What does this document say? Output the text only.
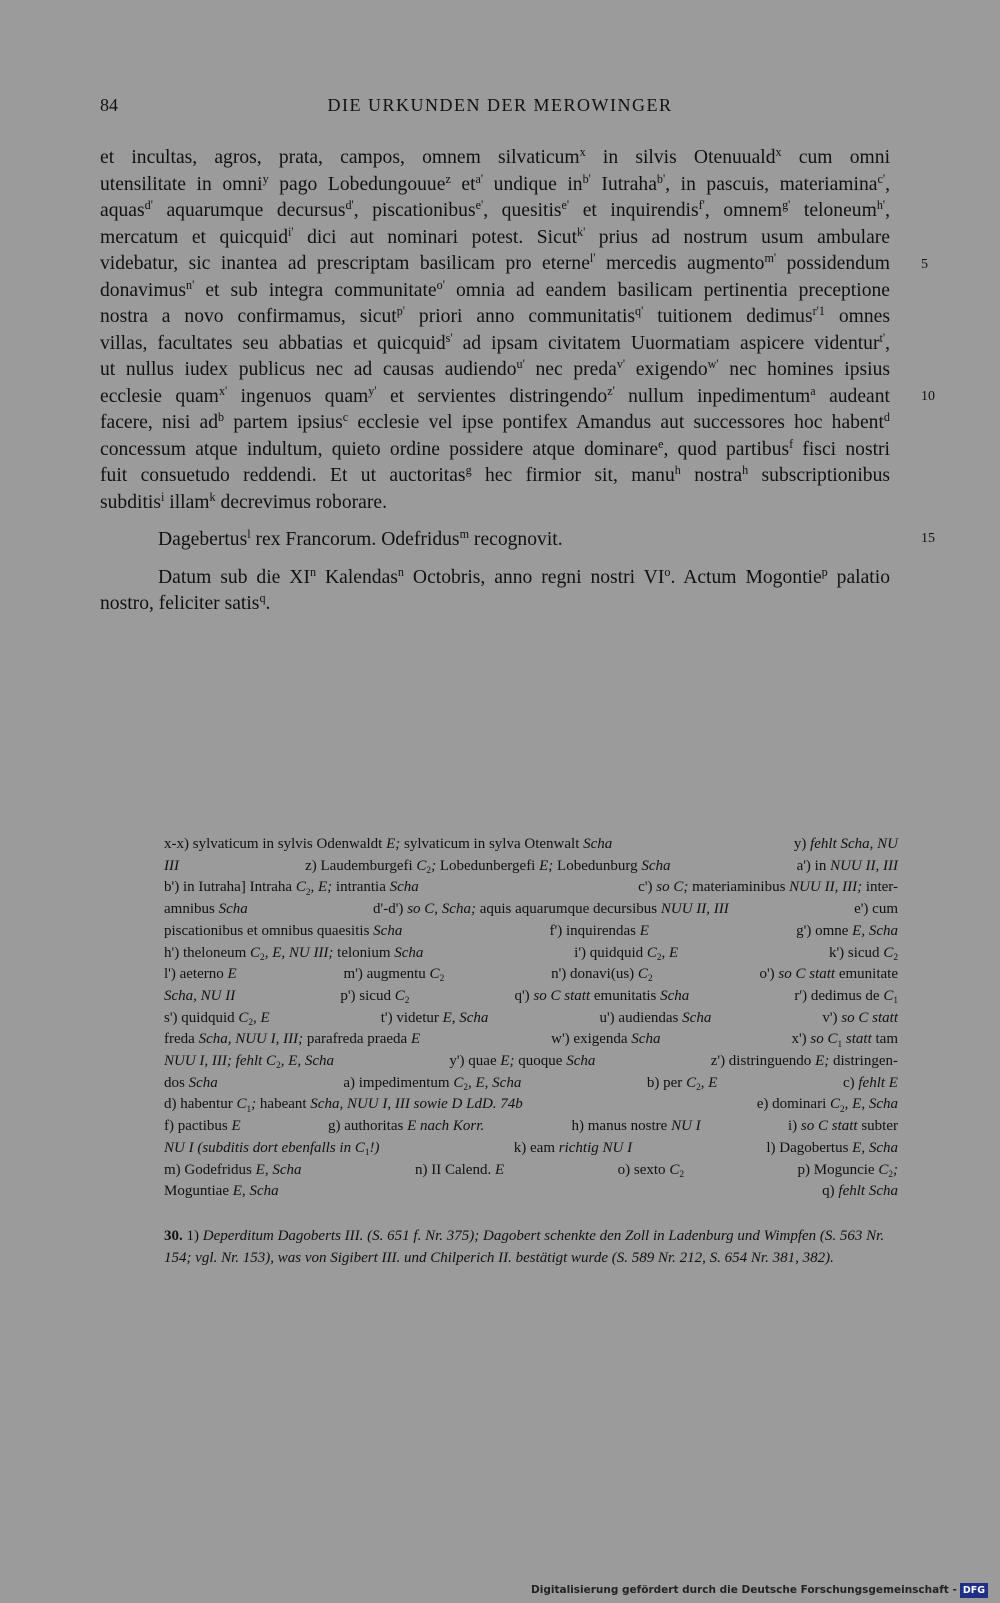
84	DIE URKUNDEN DER MEROWINGER
et incultas, agros, prata, campos, omnem silvaticum$^x$ in silvis Otenuuald$^x$ cum omni
utensilitate in omni$^y$ pago Lobedungouue$^z$ $et^{a'}$ undique $in^{b'}$ Iutraha$^{b'}$, in pascuis, materiamina$^{c'}$,
aquas$^{d'}$ aquarumque decursus$^{d'}$, piscationibus$^{e'}$, quesitis$^{e'}$ et inquirendis$^{f'}$, omnem$^{g'}$ teloneum$^{h'}$,
mercatum et quicquid$^{i'}$ dici aut nominari potest. Sicut$^{k'}$ prius ad nostrum usum ambulare
videbatur, sic inantea ad prescriptam basilicam pro eterne$^{l'}$ mercedis augmento$^{m'}$ possidendum
donavimus$^{n'}$ et sub integra communitate$^{o'}$ omnia ad eandem basilicam pertinentia preceptione
nostra a novo confirmamus, sicut$^{p'}$ priori anno communitatis$^{q'}$ tuitionem dedimus$^{r'1}$ omnes
villas, facultates seu abbatias et quicquid$^{s'}$ ad ipsam civitatem Uuormatiam aspicere videntur$^{t'}$,
ut nullus iudex publicus nec ad causas audiendo$^{u'}$ nec preda$^{v'}$ exigendo$^{w'}$ nec homines ipsius
ecclesie quam$^{x'}$ ingenuos quam$^{y'}$ et servientes distringendo$^{z'}$ nullum inpedimentum$^a$ audeant
facere, nisi $ad^b$ partem ipsius$^c$ ecclesie vel ipse pontifex Amandus aut successores hoc habent$^d$
concessum atque indultum, quieto ordine possidere atque dominare$^e$, quod partibus$^f$ fisci nostri
fuit consuetudo reddendi. Et ut auctoritas$^g$ hec firmior sit, manu$^h$ nostra$^h$ subscriptionibus
subditis$^i$ illam$^k$ decrevimus roborare.
Dagebertus$^l$ rex Francorum. Odefridus$^m$ recognovit.
Datum sub die $XI^n$ Kalendas$^n$ Octobris, anno regni nostri $VI^o$. Actum Mogontie$^p$ palatio
nostro, feliciter satis$^q$.
5
10
15
x-x) sylvaticum in sylvis Odenwaldt E; sylvaticum in sylva Otenwalt Scha	y) fehlt Scha, NU
III	z) Laudemburgefi $C_2$; Lobedunbergefi E; Lobedunburg Scha	a') in NUU II, III
b') in Iutraha] Intraha $C_2$, E; intrantia Scha	c') so C; materiaminibus NUU II, III; inter-
amnibus Scha	d'-d') so C, Scha; aquis aquarumque decursibus NUU II, III	e') cum
piscationibus et omnibus quaesitis Scha	f') inquirendas E	g') omne E, Scha
h') theloneum $C_2$, E, NU III; telonium Scha	i') quidquid $C_2$, E	k') sicud $C_2$
l') aeterno E	m') augmentu $C_2$	n') donavi(us) $C_2$	o') so C statt emunitate
Scha, NU II	p') sicud $C_2$	q') so C statt emunitatis Scha	r') dedimus de $C_1$
s') quidquid $C_2$, E	t') videtur E, Scha	u') audiendas Scha	v') so C statt
freda Scha, NUU I, III; parafreda praeda E	w') exigenda Scha	x') so $C_1$ statt tam
NUU I, III; fehlt $C_2$, E, Scha	y') quae E; quoque Scha	z') distringuendo E; distringen-
dos Scha	a) impedimentum $C_2$, E, Scha	b) per $C_2$, E	c) fehlt E
d) habentur $C_1$; habeant Scha, NUU I, III sowie D LdD. 74b	e) dominari $C_2$, E, Scha
f) pactibus E	g) authoritas E nach Korr.	h) manus nostre NU I	i) so C statt subter
NU I (subditis dort ebenfalls in $C_1$!)	k) eam richtig NU I	l) Dagobertus E, Scha
m) Godefridus E, Scha	n) II Calend. E	o) sexto $C_2$	p) Moguncie $C_2$;
Moguntiae E, Scha	q) fehlt Scha
30. 1) Deperditum Dagoberts III. (S. 651 f. Nr. 375); Dagobert schenkte den Zoll in Ladenburg und Wimpfen (S. 563 Nr. 154; vgl. Nr. 153), was von Sigibert III. und Chilperich II. bestätigt wurde (S. 589 Nr. 212, S. 654 Nr. 381, 382).
Digitalisierung gefördert durch die Deutsche Forschungsgemeinschaft - DFG
